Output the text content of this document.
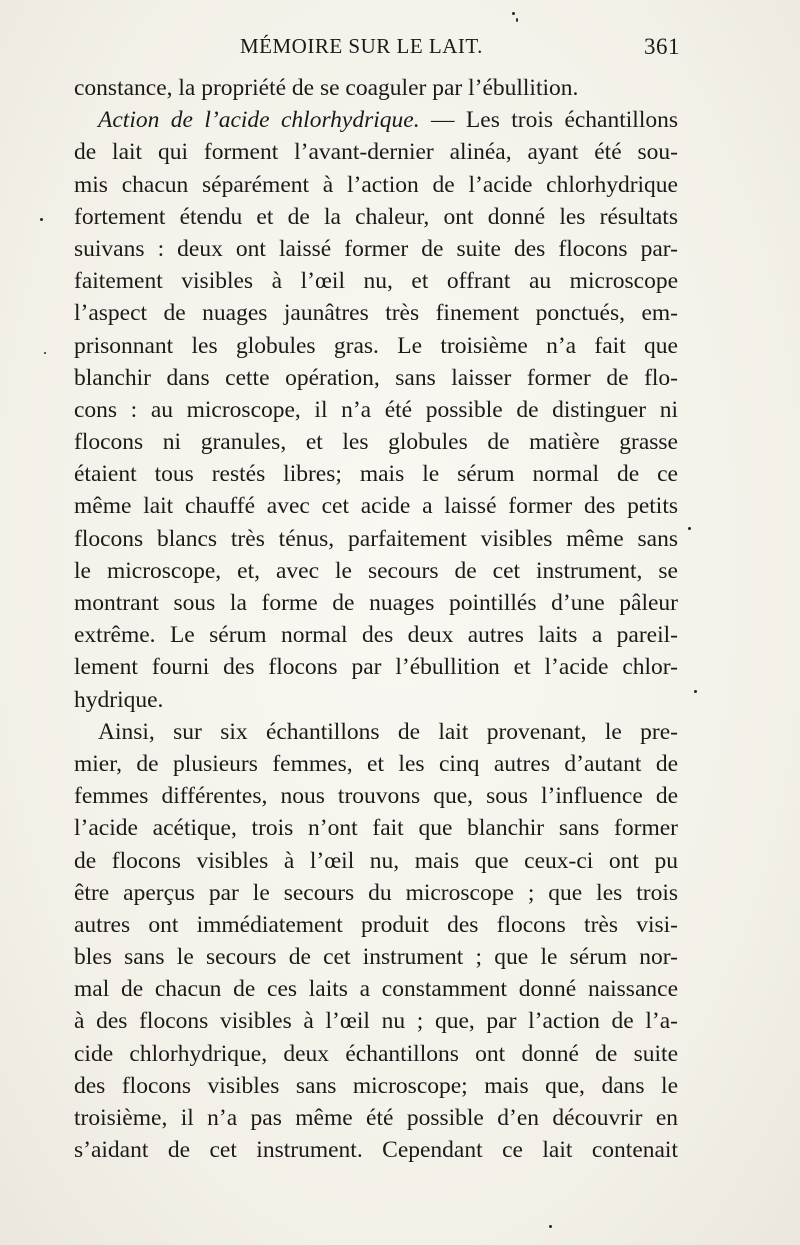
MÉMOIRE SUR LE LAIT.	361
constance, la propriété de se coaguler par l’ébullition.
Action de l’acide chlorhydrique. — Les trois échantillons
de lait qui forment l’avant-dernier alinéa, ayant été sou-
mis chacun séparément à l’action de l’acide chlorhydrique
fortement étendu et de la chaleur, ont donné les résultats
suivans : deux ont laissé former de suite des flocons par-
faitement visibles à l’œil nu, et offrant au microscope
l’aspect de nuages jaunâtres très finement ponctués, em-
prisonnant les globules gras. Le troisième n’a fait que
blanchir dans cette opération, sans laisser former de flo-
cons : au microscope, il n’a été possible de distinguer ni
flocons ni granules, et les globules de matière grasse
étaient tous restés libres; mais le sérum normal de ce
même lait chauffé avec cet acide a laissé former des petits
flocons blancs très ténus, parfaitement visibles même sans
le microscope, et, avec le secours de cet instrument, se
montrant sous la forme de nuages pointillés d’une pâleur
extrême. Le sérum normal des deux autres laits a pareil-
lement fourni des flocons par l’ébullition et l’acide chlor-
hydrique.
Ainsi, sur six échantillons de lait provenant, le pre-
mier, de plusieurs femmes, et les cinq autres d’autant de
femmes différentes, nous trouvons que, sous l’influence de
l’acide acétique, trois n’ont fait que blanchir sans former
de flocons visibles à l’œil nu, mais que ceux-ci ont pu
être aperçus par le secours du microscope ; que les trois
autres ont immédiatement produit des flocons très visi-
bles sans le secours de cet instrument ; que le sérum nor-
mal de chacun de ces laits a constamment donné naissance
à des flocons visibles à l’œil nu ; que, par l’action de l’a-
cide chlorhydrique, deux échantillons ont donné de suite
des flocons visibles sans microscope; mais que, dans le
troisième, il n’a pas même été possible d’en découvrir en
s’aidant de cet instrument. Cependant ce lait contenait
